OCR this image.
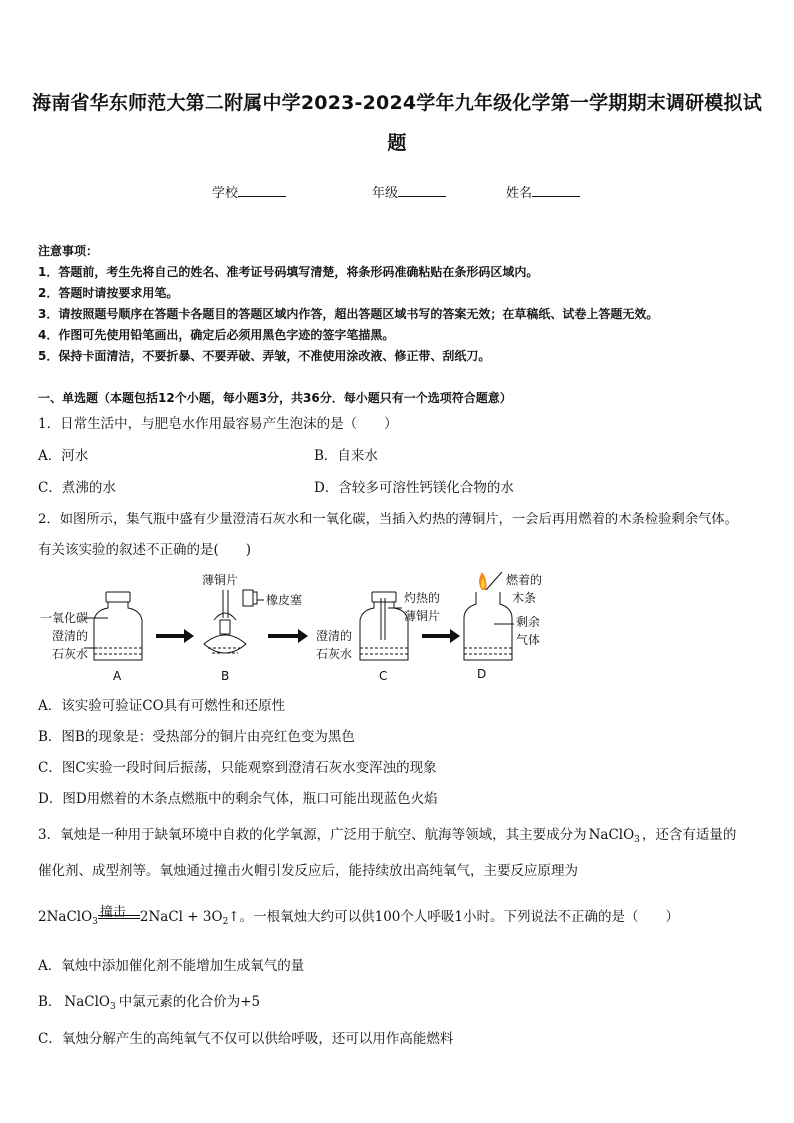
海南省华东师范大第二附属中学2023-2024学年九年级化学第一学期期末调研模拟试
题
学校	年级	姓名
注意事项：
1．答题前，考生先将自己的姓名、准考证号码填写清楚，将条形码准确粘贴在条形码区域内。
2．答题时请按要求用笔。
3．请按照题号顺序在答题卡各题目的答题区域内作答，超出答题区域书写的答案无效；在草稿纸、试卷上答题无效。
4．作图可先使用铅笔画出，确定后必须用黑色字迹的签字笔描黑。
5．保持卡面清洁，不要折暴、不要弄破、弄皱，不准使用涂改液、修正带、刮纸刀。
一、单选题（本题包括12个小题，每小题3分，共36分．每小题只有一个选项符合题意）
1．日常生活中，与肥皂水作用最容易产生泡沫的是（　　）
A．河水	B．自来水
C．煮沸的水	D．含较多可溶性钙镁化合物的水
2．如图所示，集气瓶中盛有少量澄清石灰水和一氧化碳，当插入灼热的薄铜片，一会后再用燃着的木条检验剩余气体。
有关该实验的叙述不正确的是(　　)
一氧化碳
澄清的
石灰水
A
薄铜片
橡皮塞
B
灼热的
薄铜片
澄清的
石灰水
C
燃着的
木条
剩余
气体
D
A．该实验可验证CO具有可燃性和还原性
B．图B的现象是：受热部分的铜片由亮红色变为黑色
C．图C实验一段时间后振荡，只能观察到澄清石灰水变浑浊的现象
D．图D用燃着的木条点燃瓶中的剩余气体，瓶口可能出现蓝色火焰
3．氧烛是一种用于缺氧环境中自救的化学氧源，广泛用于航空、航海等领域，其主要成分为 NaClO$_3$ ，还含有适量的
催化剂、成型剂等。氧烛通过撞击火帽引发反应后，能持续放出高纯氧气，主要反应原理为
2NaClO$_3$
撞击 2NaCl + $3O_2↑$。一根氧烛大约可以供100个人呼吸1小时。下列说法不正确的是（　　）
A．氧烛中添加催化剂不能增加生成氧气的量
B． NaClO$_3$ 中氯元素的化合价为+5
C．氧烛分解产生的高纯氧气不仅可以供给呼吸，还可以用作高能燃料
